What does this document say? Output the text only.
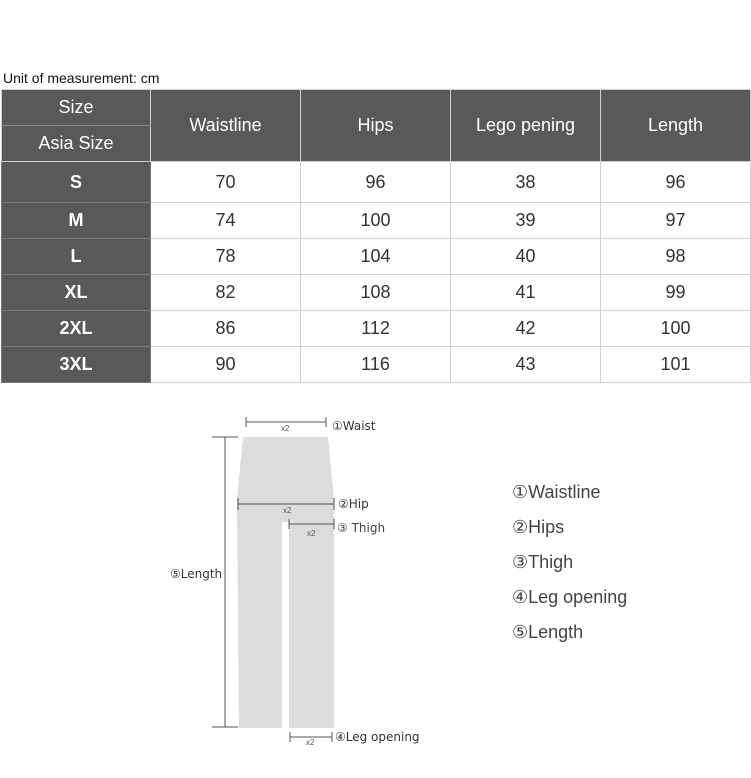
Unit of measurement: cm
Size	Waistline	Hips	Lego pening	Length
Asia Size				
S	70	96	38	96
M	74	100	39	97
L	78	104	40	98
XL	82	108	41	99
2XL	86	112	42	100
3XL	90	116	43	101
x2	①Waist
x2	②Hip
x2 ③ Thigh
⑤Length
x2 ④Leg opening
①Waistline
②Hips
③Thigh
④Leg opening
⑤Length
